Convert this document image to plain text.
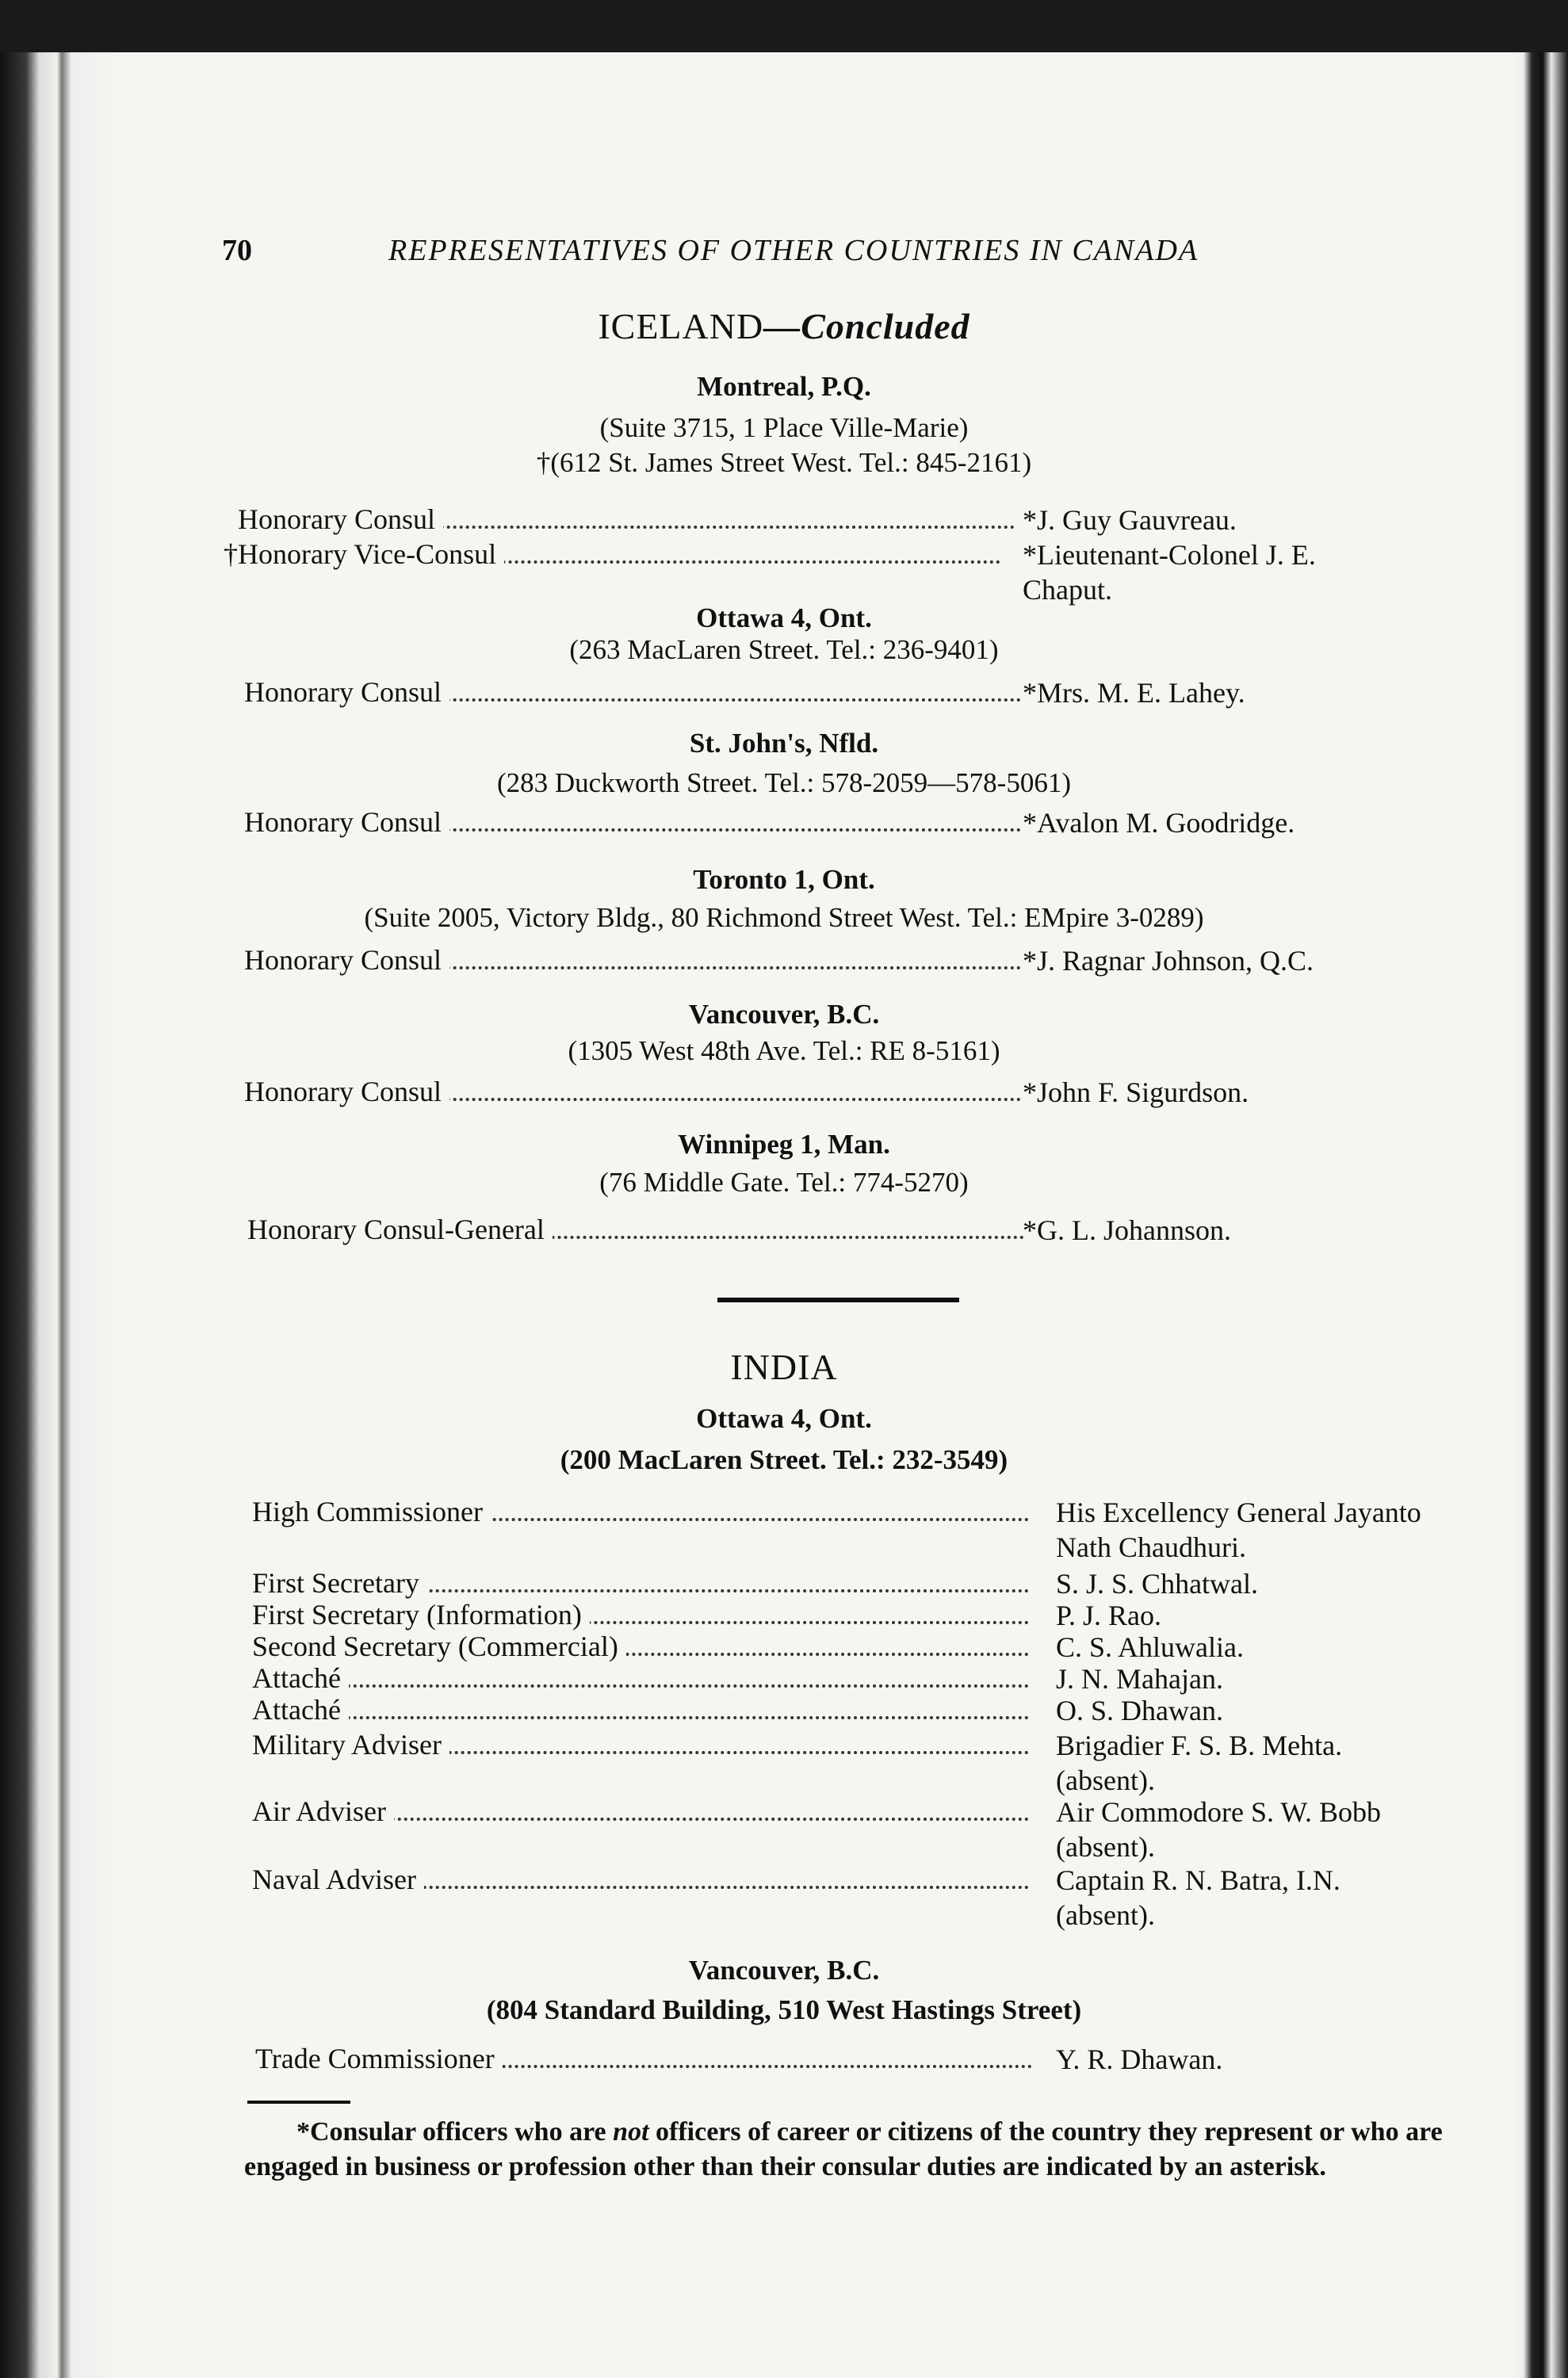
70	REPRESENTATIVES OF OTHER COUNTRIES IN CANADA
ICELAND—Concluded
Montreal, P.Q.
(Suite 3715, 1 Place Ville-Marie)
†(612 St. James Street West. Tel.: 845-2161)
Honorary Consul	*J. Guy Gauvreau.
†Honorary Vice-Consul	*Lieutenant-Colonel J. E. Chaput.
Ottawa 4, Ont.
(263 MacLaren Street. Tel.: 236-9401)
Honorary Consul	*Mrs. M. E. Lahey.
St. John's, Nfld.
(283 Duckworth Street. Tel.: 578-2059—578-5061)
Honorary Consul	*Avalon M. Goodridge.
Toronto 1, Ont.
(Suite 2005, Victory Bldg., 80 Richmond Street West. Tel.: EMpire 3-0289)
Honorary Consul	*J. Ragnar Johnson, Q.C.
Vancouver, B.C.
(1305 West 48th Ave. Tel.: RE 8-5161)
Honorary Consul	*John F. Sigurdson.
Winnipeg 1, Man.
(76 Middle Gate. Tel.: 774-5270)
Honorary Consul-General	*G. L. Johannson.
INDIA
Ottawa 4, Ont.
(200 MacLaren Street. Tel.: 232-3549)
High Commissioner	His Excellency General Jayanto Nath Chaudhuri.
First Secretary	S. J. S. Chhatwal.
First Secretary (Information)	P. J. Rao.
Second Secretary (Commercial)	C. S. Ahluwalia.
Attaché	J. N. Mahajan.
Attaché	O. S. Dhawan.
Military Adviser	Brigadier F. S. B. Mehta. (absent).
Air Adviser	Air Commodore S. W. Bobb (absent).
Naval Adviser	Captain R. N. Batra, I.N. (absent).
Vancouver, B.C.
(804 Standard Building, 510 West Hastings Street)
Trade Commissioner	Y. R. Dhawan.
*Consular officers who are not officers of career or citizens of the country they represent or who are engaged in business or profession other than their consular duties are indicated by an asterisk.
